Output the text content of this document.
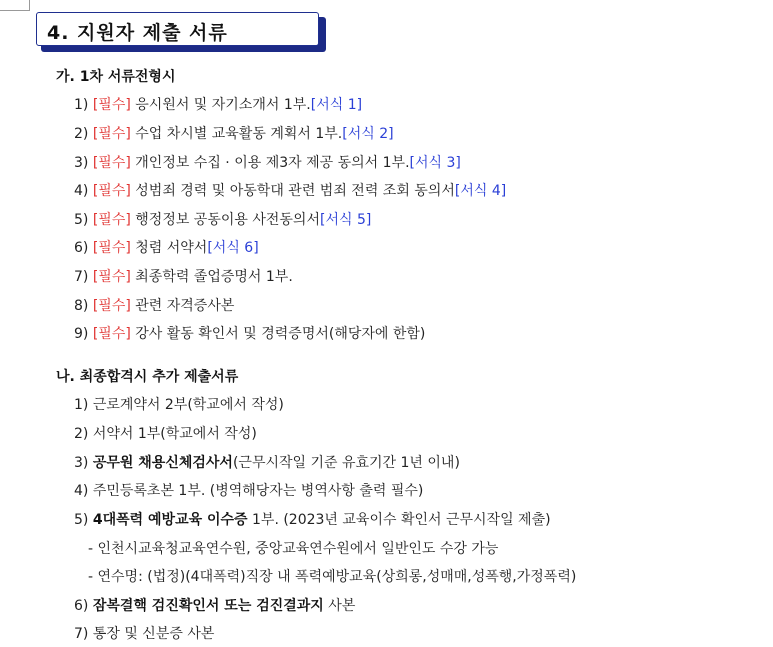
4. 지원자 제출 서류
가. 1차 서류전형시
1) [필수] 응시원서 및 자기소개서 1부.[서식 1]
2) [필수] 수업 차시별 교육활동 계획서 1부.[서식 2]
3) [필수] 개인정보 수집 · 이용 제3자 제공 동의서 1부.[서식 3]
4) [필수] 성범죄 경력 및 아동학대 관련 범죄 전력 조회 동의서[서식 4]
5) [필수] 행정정보 공동이용 사전동의서[서식 5]
6) [필수] 청렴 서약서[서식 6]
7) [필수] 최종학력 졸업증명서 1부.
8) [필수] 관련 자격증사본
9) [필수] 강사 활동 확인서 및 경력증명서(해당자에 한함)
나. 최종합격시 추가 제출서류
1) 근로계약서 2부(학교에서 작성)
2) 서약서 1부(학교에서 작성)
3) 공무원 채용신체검사서(근무시작일 기준 유효기간 1년 이내)
4) 주민등록초본 1부. (병역해당자는 병역사항 출력 필수)
5) 4대폭력 예방교육 이수증 1부. (2023년 교육이수 확인서 근무시작일 제출)
- 인천시교육청교육연수원, 중앙교육연수원에서 일반인도 수강 가능
- 연수명: (법정)(4대폭력)직장 내 폭력예방교육(상희롱,성매매,성폭행,가정폭력)
6) 잠복결핵 검진확인서 또는 검진결과지 사본
7) 통장 및 신분증 사본
